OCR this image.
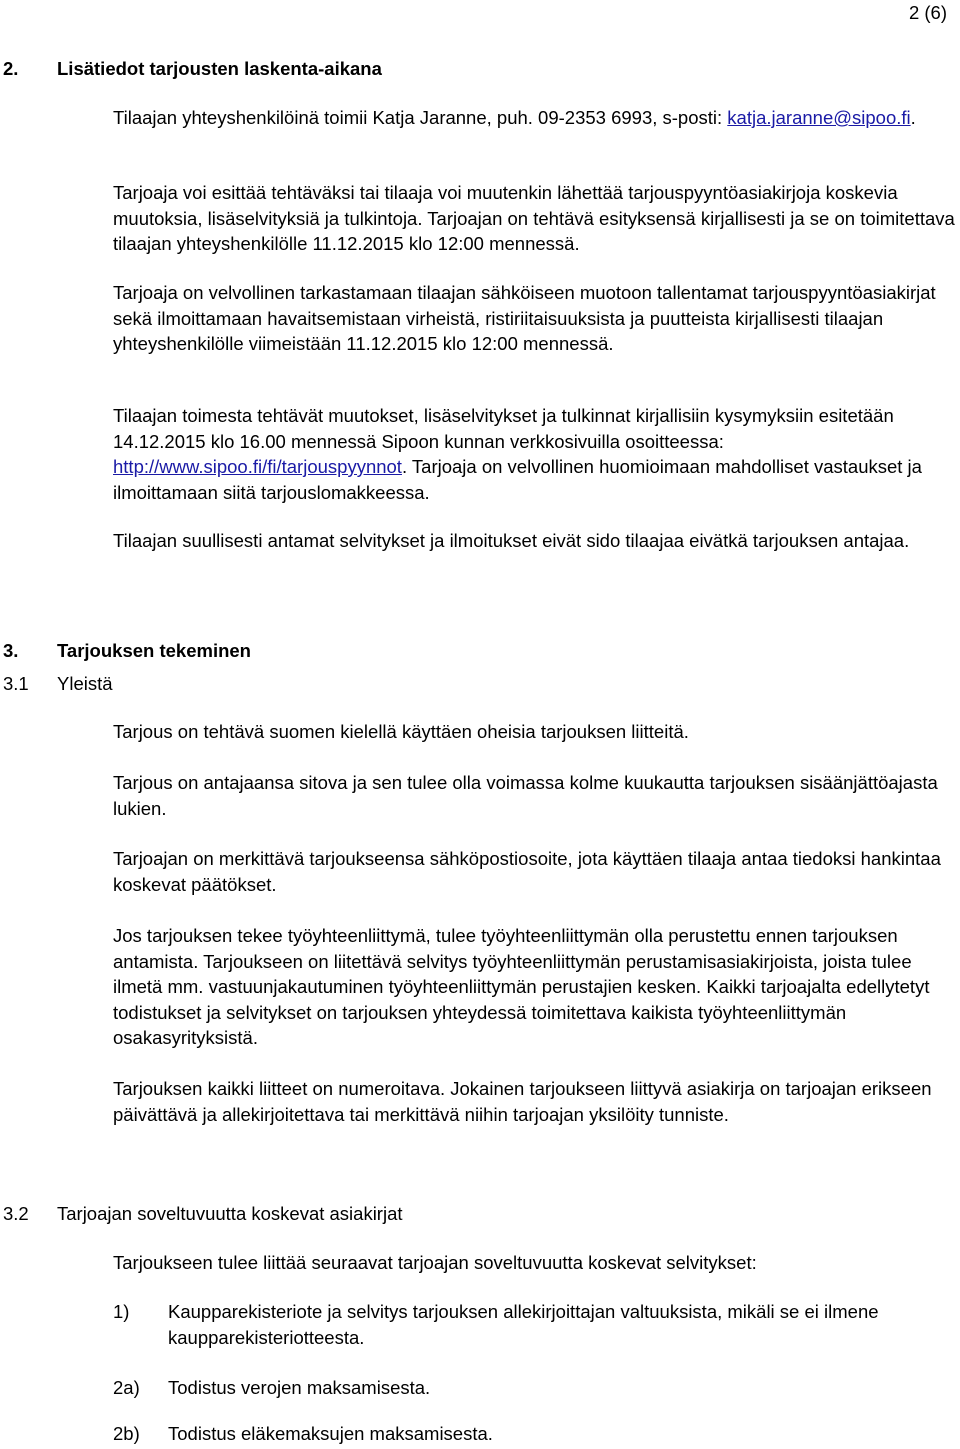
2 (6)
2. Lisätiedot tarjousten laskenta-aikana
Tilaajan yhteyshenkilöinä toimii Katja Jaranne, puh. 09-2353 6993, s-posti: katja.jaranne@sipoo.fi.
Tarjoaja voi esittää tehtäväksi tai tilaaja voi muutenkin lähettää tarjouspyyntöasiakirjoja koskevia muutoksia, lisäselvityksiä ja tulkintoja. Tarjoajan on tehtävä esityksensä kirjallisesti ja se on toimitettava tilaajan yhteyshenkilölle 11.12.2015 klo 12:00 mennessä.
Tarjoaja on velvollinen tarkastamaan tilaajan sähköiseen muotoon tallentamat tarjouspyyntöasiakirjat sekä ilmoittamaan havaitsemistaan virheistä, ristiriitaisuuksista ja puutteista kirjallisesti tilaajan yhteyshenkilölle viimeistään 11.12.2015 klo 12:00 mennessä.
Tilaajan toimesta tehtävät muutokset, lisäselvitykset ja tulkinnat kirjallisiin kysymyksiin esitetään 14.12.2015 klo 16.00 mennessä Sipoon kunnan verkkosivuilla osoitteessa: http://www.sipoo.fi/fi/tarjouspyynnot. Tarjoaja on velvollinen huomioimaan mahdolliset vastaukset ja ilmoittamaan siitä tarjouslomakkeessa.
Tilaajan suullisesti antamat selvitykset ja ilmoitukset eivät sido tilaajaa eivätkä tarjouksen antajaa.
3. Tarjouksen tekeminen
3.1 Yleistä
Tarjous on tehtävä suomen kielellä käyttäen oheisia tarjouksen liitteitä.
Tarjous on antajaansa sitova ja sen tulee olla voimassa kolme kuukautta tarjouksen sisäänjättöajasta lukien.
Tarjoajan on merkittävä tarjoukseensa sähköpostiosoite, jota käyttäen tilaaja antaa tiedoksi hankintaa koskevat päätökset.
Jos tarjouksen tekee työyhteenliittymä, tulee työyhteenliittymän olla perustettu ennen tarjouksen antamista. Tarjoukseen on liitettävä selvitys työyhteenliittymän perustamisasiakirjoista, joista tulee ilmetä mm. vastuunjakautuminen työyhteenliittymän perustajien kesken. Kaikki tarjoajalta edellytetyt todistukset ja selvitykset on tarjouksen yhteydessä toimitettava kaikista työyhteenliittymän osakasyrityksistä.
Tarjouksen kaikki liitteet on numeroitava. Jokainen tarjoukseen liittyvä asiakirja on tarjoajan erikseen päivättävä ja allekirjoitettava tai merkittävä niihin tarjoajan yksilöity tunniste.
3.2 Tarjoajan soveltuvuutta koskevat asiakirjat
Tarjoukseen tulee liittää seuraavat tarjoajan soveltuvuutta koskevat selvitykset:
1) Kaupparekisteriote ja selvitys tarjouksen allekirjoittajan valtuuksista, mikäli se ei ilmene kaupparekisteriotteesta.
2a) Todistus verojen maksamisesta.
2b) Todistus eläkemaksujen maksamisesta.
